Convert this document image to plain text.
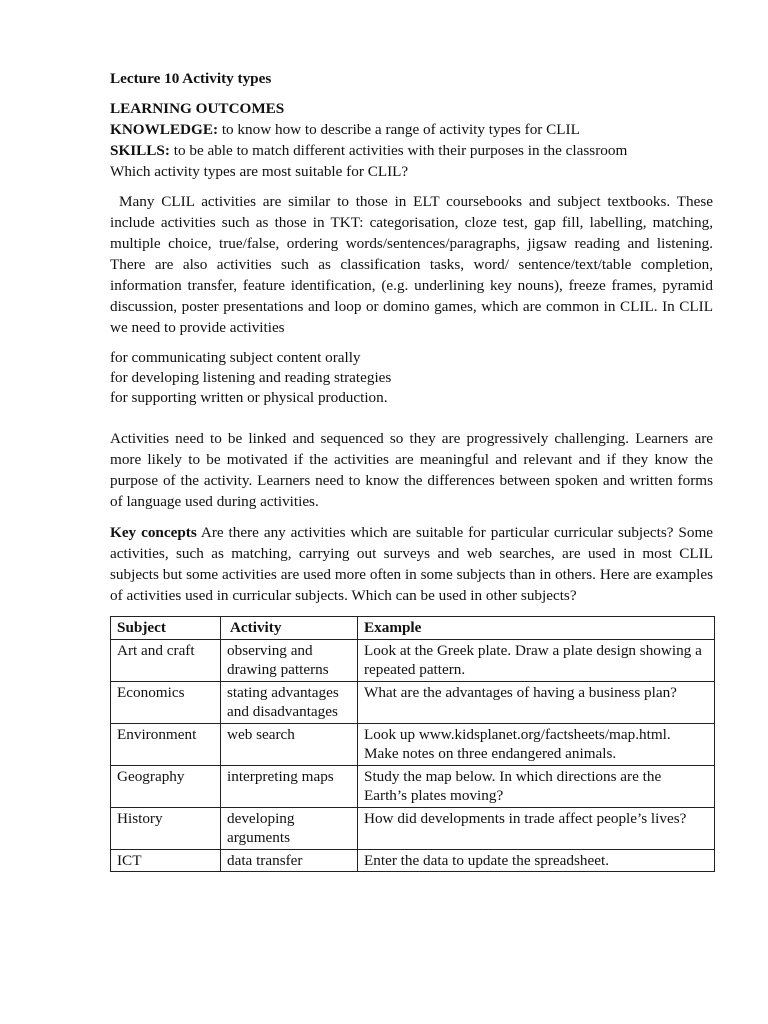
Lecture 10 Activity types
LEARNING OUTCOMES
KNOWLEDGE: to know how to describe a range of activity types for CLIL
SKILLS: to be able to match different activities with their purposes in the classroom
Which activity types are most suitable for CLIL?

Many CLIL activities are similar to those in ELT coursebooks and subject textbooks. These include activities such as those in TKT: categorisation, cloze test, gap fill, labelling, matching, multiple choice, true/false, ordering words/sentences/paragraphs, jigsaw reading and listening. There are also activities such as classification tasks, word/ sentence/text/table completion, information transfer, feature identification, (e.g. underlining key nouns), freeze frames, pyramid discussion, poster presentations and loop or domino games, which are common in CLIL. In CLIL we need to provide activities

for communicating subject content orally
for developing listening and reading strategies
for supporting written or physical production.

Activities need to be linked and sequenced so they are progressively challenging. Learners are more likely to be motivated if the activities are meaningful and relevant and if they know the purpose of the activity. Learners need to know the differences between spoken and written forms of language used during activities.

Key concepts Are there any activities which are suitable for particular curricular subjects? Some activities, such as matching, carrying out surveys and web searches, are used in most CLIL subjects but some activities are used more often in some subjects than in others. Here are examples of activities used in curricular subjects. Which can be used in other subjects?

Subject	Activity	Example
Art and craft	observing and drawing patterns	Look at the Greek plate. Draw a plate design showing a repeated pattern.
Economics	stating advantages and disadvantages	What are the advantages of having a business plan?
Environment	web search	Look up www.kidsplanet.org/factsheets/map.html. Make notes on three endangered animals.
Geography	interpreting maps	Study the map below. In which directions are the Earth’s plates moving?
History	developing arguments	How did developments in trade affect people’s lives?
ICT	data transfer	Enter the data to update the spreadsheet.
